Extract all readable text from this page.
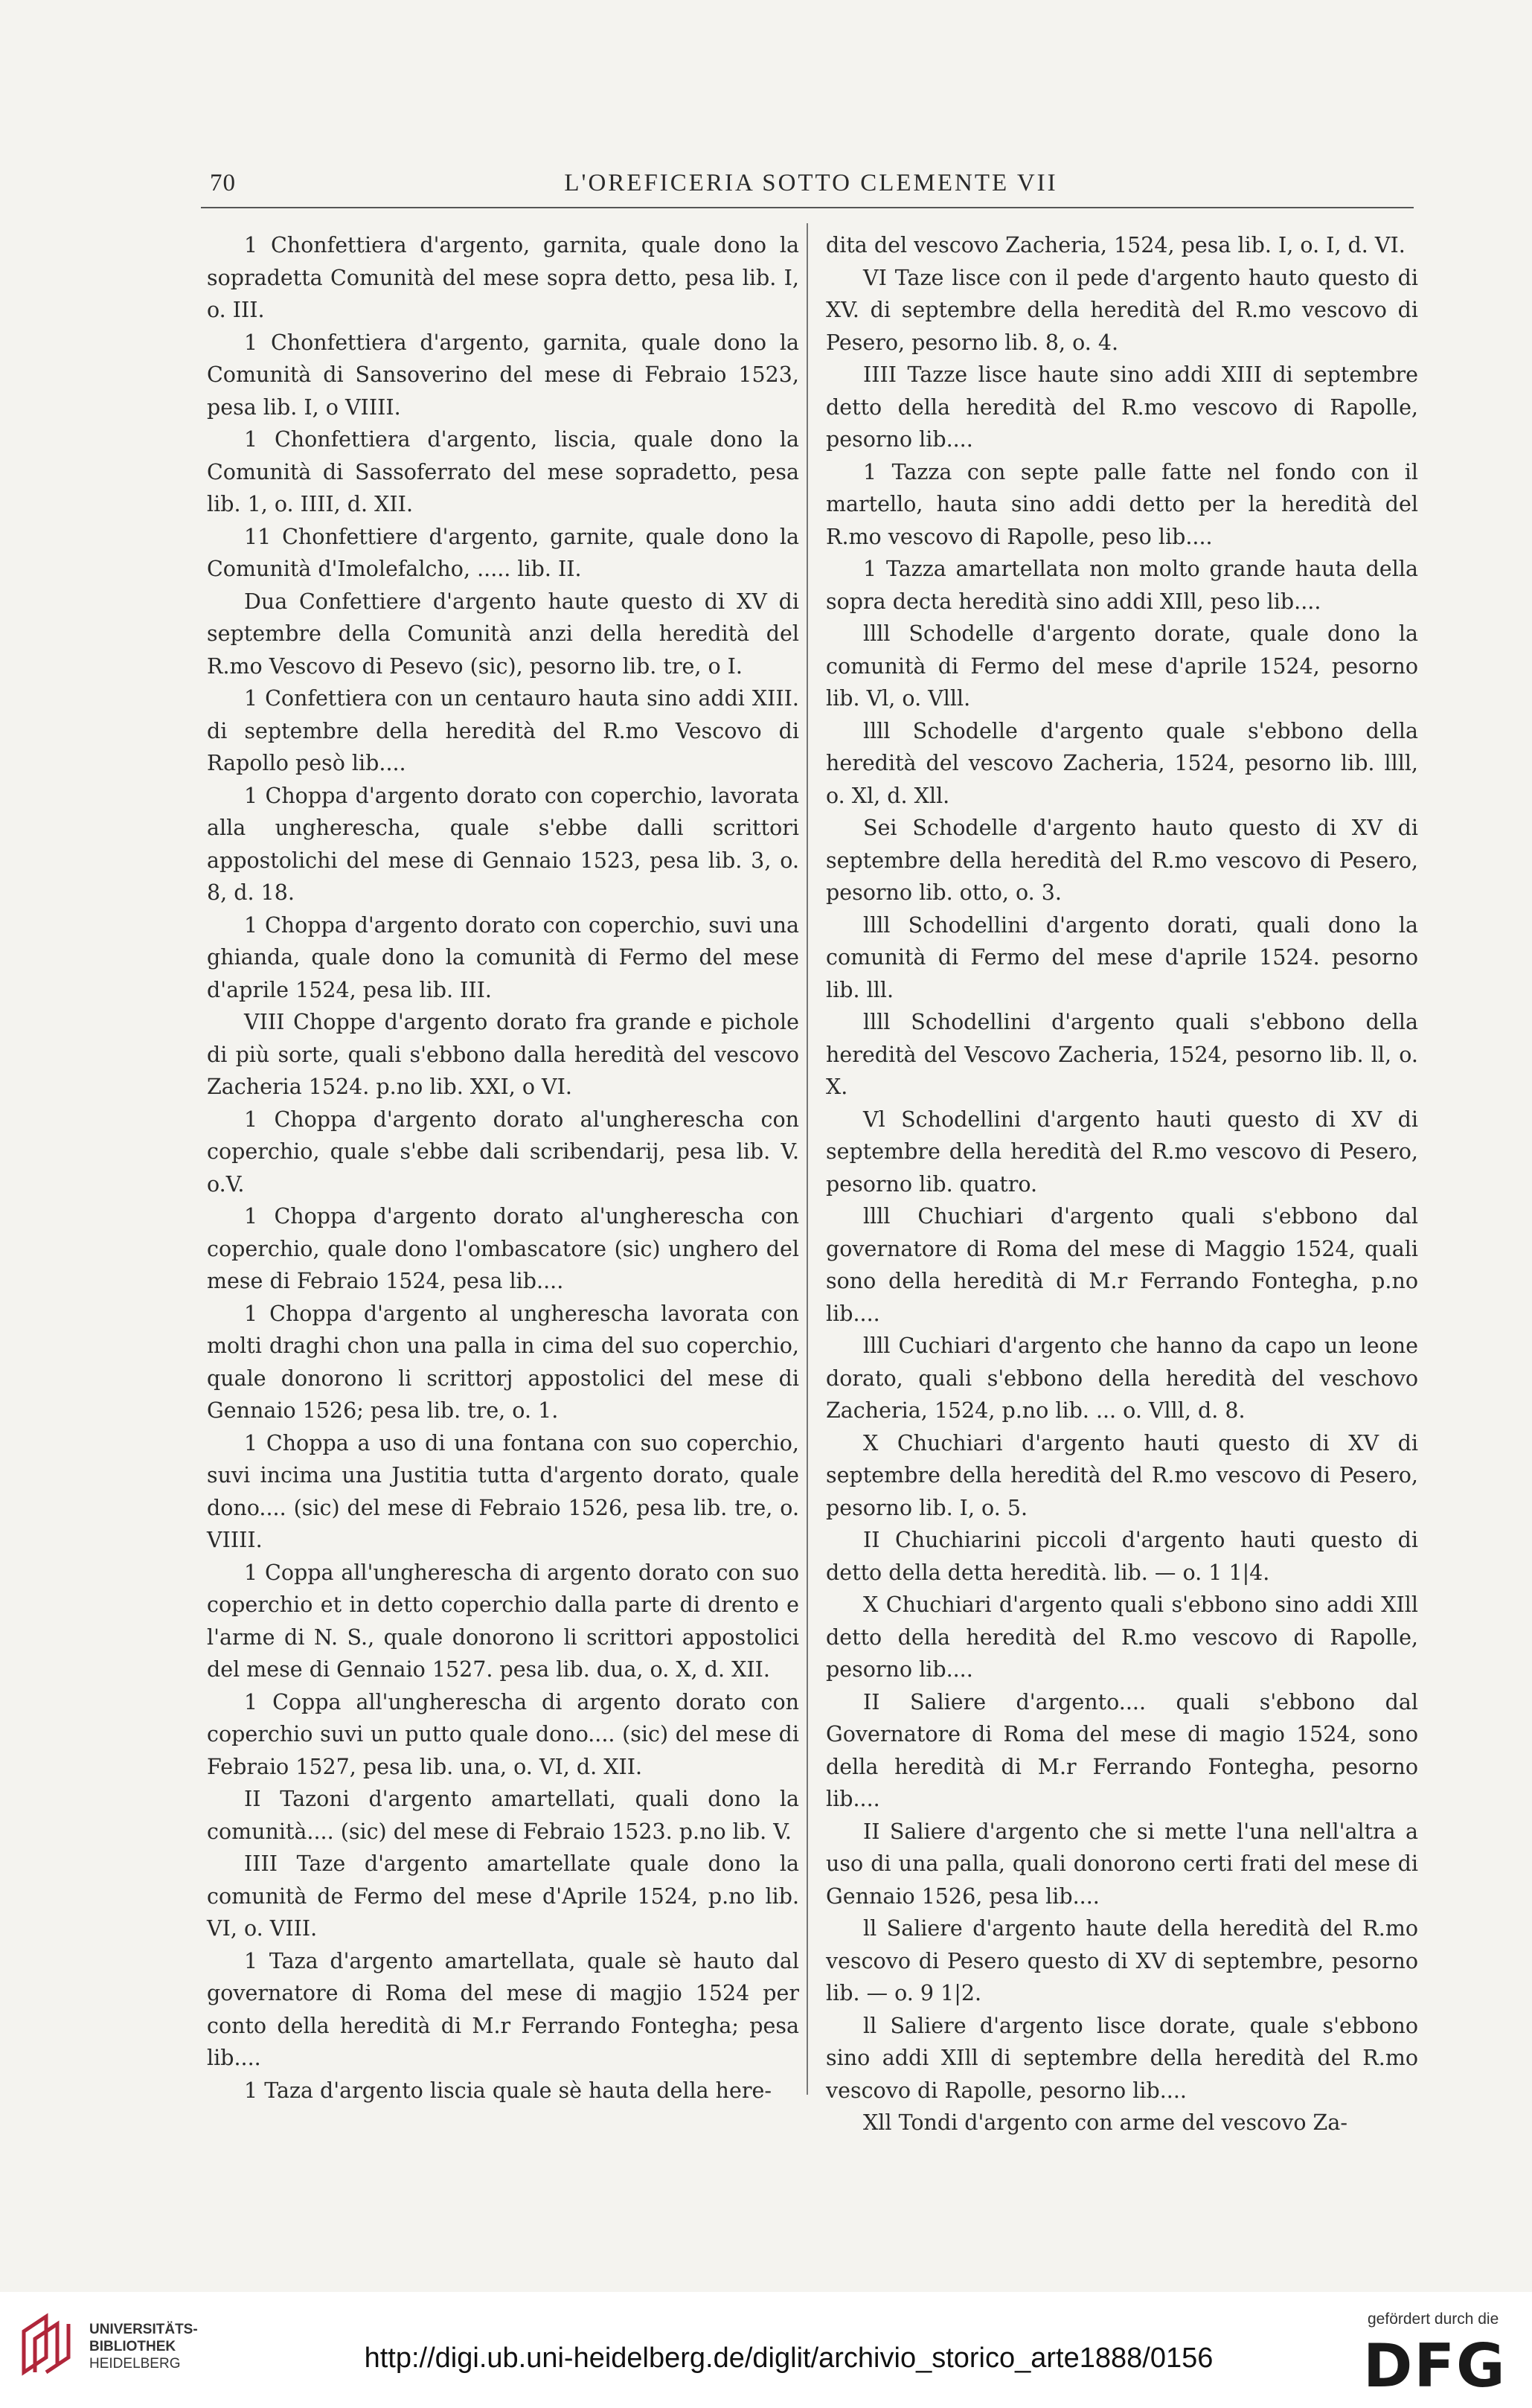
70	L'OREFICERIA SOTTO CLEMENTE VII

1 Chonfettiera d'argento, garnita, quale dono la sopradetta Comunità del mese sopra detto, pesa lib. I, o. III.

1 Chonfettiera d'argento, garnita, quale dono la Comunità di Sansoverino del mese di Febraio 1523, pesa lib. I, o VIIII.

1 Chonfettiera d'argento, liscia, quale dono la Comunità di Sassoferrato del mese sopradetto, pesa lib. 1, o. IIII, d. XII.

11 Chonfettiere d'argento, garnite, quale dono la Comunità d'Imolefalcho, ..... lib. II.

Dua Confettiere d'argento haute questo di XV di septembre della Comunità anzi della heredità del R.mo Vescovo di Pesevo (sic), pesorno lib. tre, o I.

1 Confettiera con un centauro hauta sino addi XIII. di septembre della heredità del R.mo Vescovo di Rapollo pesò lib....

1 Choppa d'argento dorato con coperchio, lavorata alla ungherescha, quale s'ebbe dalli scrittori appostolichi del mese di Gennaio 1523, pesa lib. 3, o. 8, d. 18.

1 Choppa d'argento dorato con coperchio, suvi una ghianda, quale dono la comunità di Fermo del mese d'aprile 1524, pesa lib. III.

VIII Choppe d'argento dorato fra grande e pichole di più sorte, quali s'ebbono dalla heredità del vescovo Zacheria 1524. p.no lib. XXI, o VI.

1 Choppa d'argento dorato al'ungherescha con coperchio, quale s'ebbe dali scribendarij, pesa lib. V. o.V.

1 Choppa d'argento dorato al'ungherescha con coperchio, quale dono l'ombascatore (sic) unghero del mese di Febraio 1524, pesa lib....

1 Choppa d'argento al ungherescha lavorata con molti draghi chon una palla in cima del suo coperchio, quale donorono li scrittorj appostolici del mese di Gennaio 1526; pesa lib. tre, o. 1.

1 Choppa a uso di una fontana con suo coperchio, suvi incima una Justitia tutta d'argento dorato, quale dono.... (sic) del mese di Febraio 1526, pesa lib. tre, o. VIIII.

1 Coppa all'ungherescha di argento dorato con suo coperchio et in detto coperchio dalla parte di drento e l'arme di N. S., quale donorono li scrittori appostolici del mese di Gennaio 1527. pesa lib. dua, o. X, d. XII.

1 Coppa all'ungherescha di argento dorato con coperchio suvi un putto quale dono.... (sic) del mese di Febraio 1527, pesa lib. una, o. VI, d. XII.

II Tazoni d'argento amartellati, quali dono la comunità.... (sic) del mese di Febraio 1523. p.no lib. V.

IIII Taze d'argento amartellate quale dono la comunità de Fermo del mese d'Aprile 1524, p.no lib. VI, o. VIII.

1 Taza d'argento amartellata, quale sè hauto dal governatore di Roma del mese di magjio 1524 per conto della heredità di M.r Ferrando Fontegha; pesa lib....

1 Taza d'argento liscia quale sè hauta della here-

dita del vescovo Zacheria, 1524, pesa lib. I, o. I, d. VI.

VI Taze lisce con il pede d'argento hauto questo di XV. di septembre della heredità del R.mo vescovo di Pesero, pesorno lib. 8, o. 4.

IIII Tazze lisce haute sino addi XIII di septembre detto della heredità del R.mo vescovo di Rapolle, pesorno lib....

1 Tazza con septe palle fatte nel fondo con il martello, hauta sino addi detto per la heredità del R.mo vescovo di Rapolle, peso lib....

1 Tazza amartellata non molto grande hauta della sopra decta heredità sino addi XIll, peso lib....

llll Schodelle d'argento dorate, quale dono la comunità di Fermo del mese d'aprile 1524, pesorno lib. Vl, o. Vlll.

llll Schodelle d'argento quale s'ebbono della heredità del vescovo Zacheria, 1524, pesorno lib. llll, o. Xl, d. Xll.

Sei Schodelle d'argento hauto questo di XV di septembre della heredità del R.mo vescovo di Pesero, pesorno lib. otto, o. 3.

llll Schodellini d'argento dorati, quali dono la comunità di Fermo del mese d'aprile 1524. pesorno lib. lll.

llll Schodellini d'argento quali s'ebbono della heredità del Vescovo Zacheria, 1524, pesorno lib. ll, o. X.

Vl Schodellini d'argento hauti questo di XV di septembre della heredità del R.mo vescovo di Pesero, pesorno lib. quatro.

llll Chuchiari d'argento quali s'ebbono dal governatore di Roma del mese di Maggio 1524, quali sono della heredità di M.r Ferrando Fontegha, p.no lib....

llll Cuchiari d'argento che hanno da capo un leone dorato, quali s'ebbono della heredità del veschovo Zacheria, 1524, p.no lib. ... o. Vlll, d. 8.

X Chuchiari d'argento hauti questo di XV di septembre della heredità del R.mo vescovo di Pesero, pesorno lib. I, o. 5.

II Chuchiarini piccoli d'argento hauti questo di detto della detta heredità. lib. — o. 1 1|4.

X Chuchiari d'argento quali s'ebbono sino addi XIll detto della heredità del R.mo vescovo di Rapolle, pesorno lib....

II Saliere d'argento.... quali s'ebbono dal Governatore di Roma del mese di magio 1524, sono della heredità di M.r Ferrando Fontegha, pesorno lib....

II Saliere d'argento che si mette l'una nell'altra a uso di una palla, quali donorono certi frati del mese di Gennaio 1526, pesa lib....

ll Saliere d'argento haute della heredità del R.mo vescovo di Pesero questo di XV di septembre, pesorno lib. — o. 9 1|2.

ll Saliere d'argento lisce dorate, quale s'ebbono sino addi XIll di septembre della heredità del R.mo vescovo di Rapolle, pesorno lib....

Xll Tondi d'argento con arme del vescovo Za-

UNIVERSITÄTS-
BIBLIOTHEK
HEIDELBERG	http://digi.ub.uni-heidelberg.de/diglit/archivio_storico_arte1888/0156
gefördert durch die
DFG
